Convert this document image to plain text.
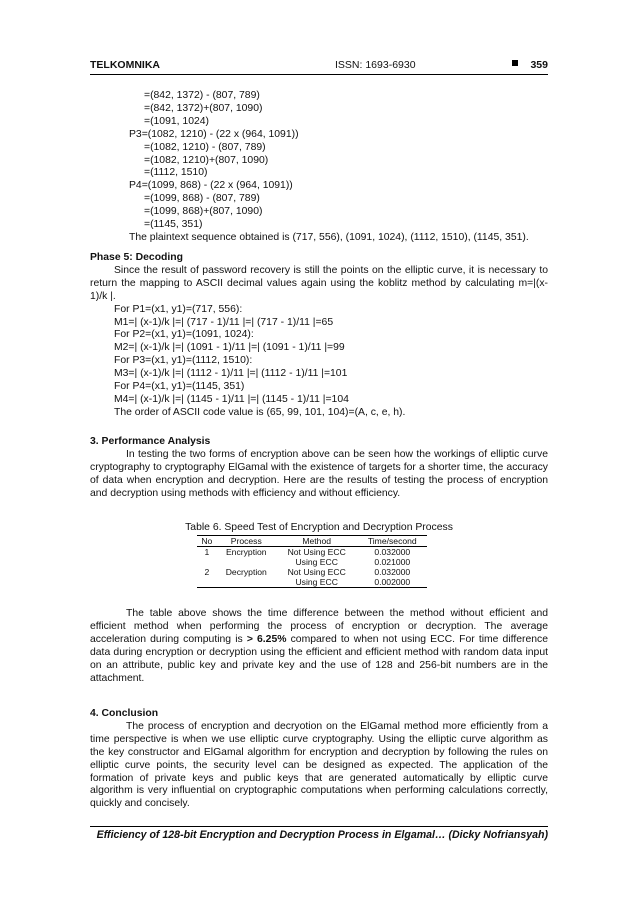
TELKOMNIKA	ISSN: 1693-6930	359
=(842, 1372) - (807, 789)
=(842, 1372)+(807, 1090)
=(1091, 1024)
P3=(1082, 1210) - (22 x (964, 1091))
=(1082, 1210) - (807, 789)
=(1082, 1210)+(807, 1090)
=(1112, 1510)
P4=(1099, 868) - (22 x (964, 1091))
=(1099, 868) - (807, 789)
=(1099, 868)+(807, 1090)
=(1145, 351)
The plaintext sequence obtained is (717, 556), (1091, 1024), (1112, 1510), (1145, 351).
Phase 5: Decoding

Since the result of password recovery is still the points on the elliptic curve, it is necessary to return the mapping to ASCII decimal values again using the koblitz method by calculating m=|(x-1)/k |.

For P1=(x1, y1)=(717, 556):
M1=| (x-1)/k |=| (717 - 1)/11 |=| (717 - 1)/11 |=65
For P2=(x1, y1)=(1091, 1024):
M2=| (x-1)/k |=| (1091 - 1)/11 |=| (1091 - 1)/11 |=99
For P3=(x1, y1)=(1112, 1510):
M3=| (x-1)/k |=| (1112 - 1)/11 |=| (1112 - 1)/11 |=101
For P4=(x1, y1)=(1145, 351)
M4=| (x-1)/k |=| (1145 - 1)/11 |=| (1145 - 1)/11 |=104
The order of ASCII code value is (65, 99, 101, 104)=(A, c, e, h).
3. Performance Analysis

In testing the two forms of encryption above can be seen how the workings of elliptic curve cryptography to cryptography ElGamal with the existence of targets for a shorter time, the accuracy of data when encryption and decryption. Here are the results of testing the process of encryption and decryption using methods with efficiency and without efficiency.

Table 6. Speed Test of Encryption and Decryption Process
No	Process	Method	Time/second
1	Encryption	Not Using ECC	0.032000
		Using ECC	0.021000
2	Decryption	Not Using ECC	0.032000
		Using ECC	0.002000

The table above shows the time difference between the method without efficient and efficient method when performing the process of encryption or decryption. The average acceleration during computing is > 6.25% compared to when not using ECC. For time difference data during encryption or decryption using the efficient and efficient method with random data input on an attribute, public key and private key and the use of 128 and 256-bit numbers are in the attachment.

4. Conclusion

The process of encryption and decryotion on the ElGamal method more efficiently from a time perspective is when we use elliptic curve cryptography. Using the elliptic curve algorithm as the key constructor and ElGamal algorithm for encryption and decryption by following the rules on elliptic curve points, the security level can be designed as expected. The application of the formation of private keys and public keys that are generated automatically by elliptic curve algorithm is very influential on cryptographic computations when performing calculations correctly, quickly and concisely.

Efficiency of 128-bit Encryption and Decryption Process in Elgamal… (Dicky Nofriansyah)
